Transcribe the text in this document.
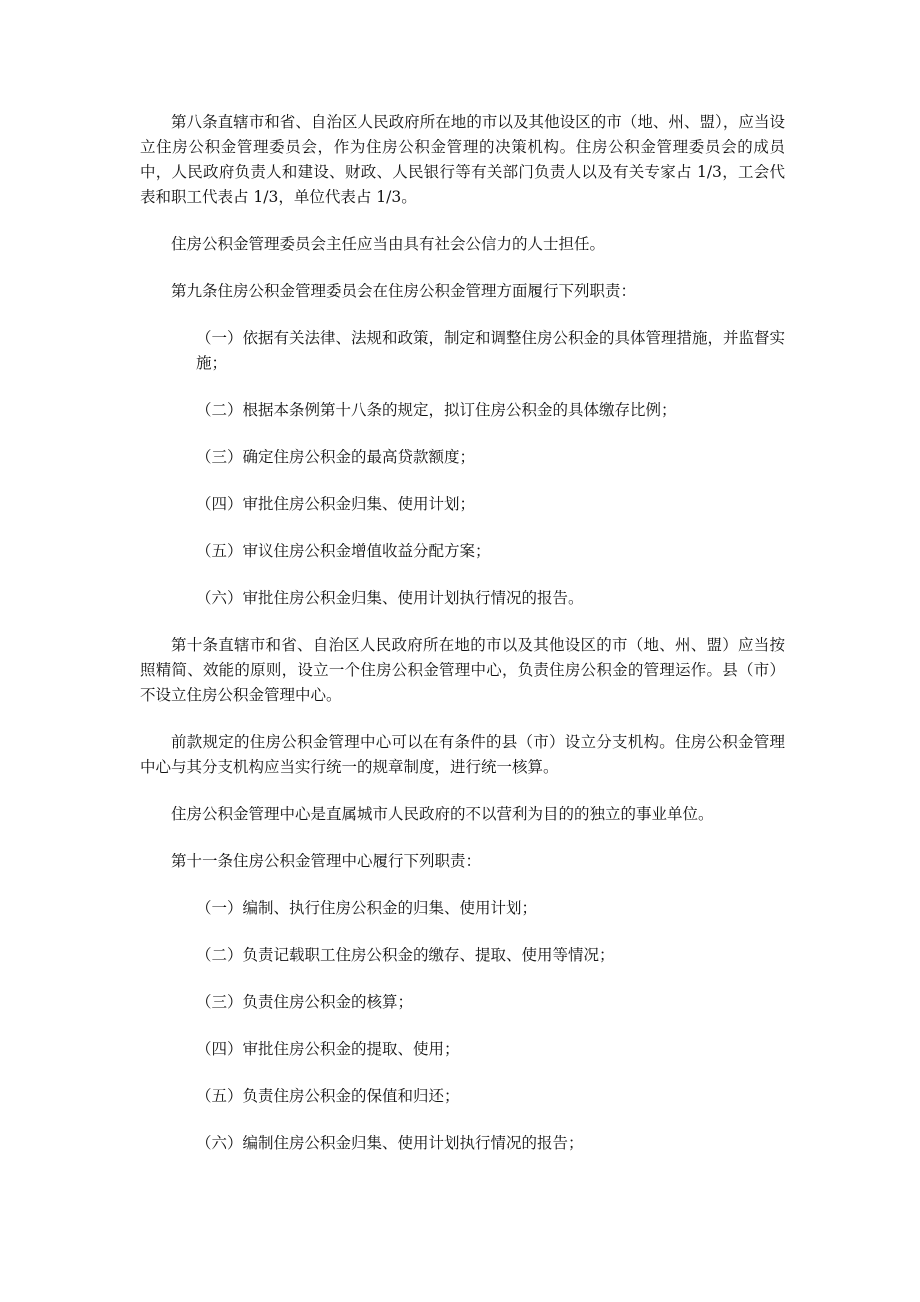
第八条直辖市和省、自治区人民政府所在地的市以及其他设区的市（地、州、盟），应当设立住房公积金管理委员会，作为住房公积金管理的决策机构。住房公积金管理委员会的成员中，人民政府负责人和建设、财政、人民银行等有关部门负责人以及有关专家占 1/3，工会代表和职工代表占 1/3，单位代表占 1/3。

住房公积金管理委员会主任应当由具有社会公信力的人士担任。

第九条住房公积金管理委员会在住房公积金管理方面履行下列职责：

（一）依据有关法律、法规和政策，制定和调整住房公积金的具体管理措施，并监督实施；

（二）根据本条例第十八条的规定，拟订住房公积金的具体缴存比例；

（三）确定住房公积金的最高贷款额度；

（四）审批住房公积金归集、使用计划；

（五）审议住房公积金增值收益分配方案；

（六）审批住房公积金归集、使用计划执行情况的报告。

第十条直辖市和省、自治区人民政府所在地的市以及其他设区的市（地、州、盟）应当按照精简、效能的原则，设立一个住房公积金管理中心，负责住房公积金的管理运作。县（市）不设立住房公积金管理中心。

前款规定的住房公积金管理中心可以在有条件的县（市）设立分支机构。住房公积金管理中心与其分支机构应当实行统一的规章制度，进行统一核算。

住房公积金管理中心是直属城市人民政府的不以营利为目的的独立的事业单位。

第十一条住房公积金管理中心履行下列职责：

（一）编制、执行住房公积金的归集、使用计划；

（二）负责记载职工住房公积金的缴存、提取、使用等情况；

（三）负责住房公积金的核算；

（四）审批住房公积金的提取、使用；

（五）负责住房公积金的保值和归还；

（六）编制住房公积金归集、使用计划执行情况的报告；
